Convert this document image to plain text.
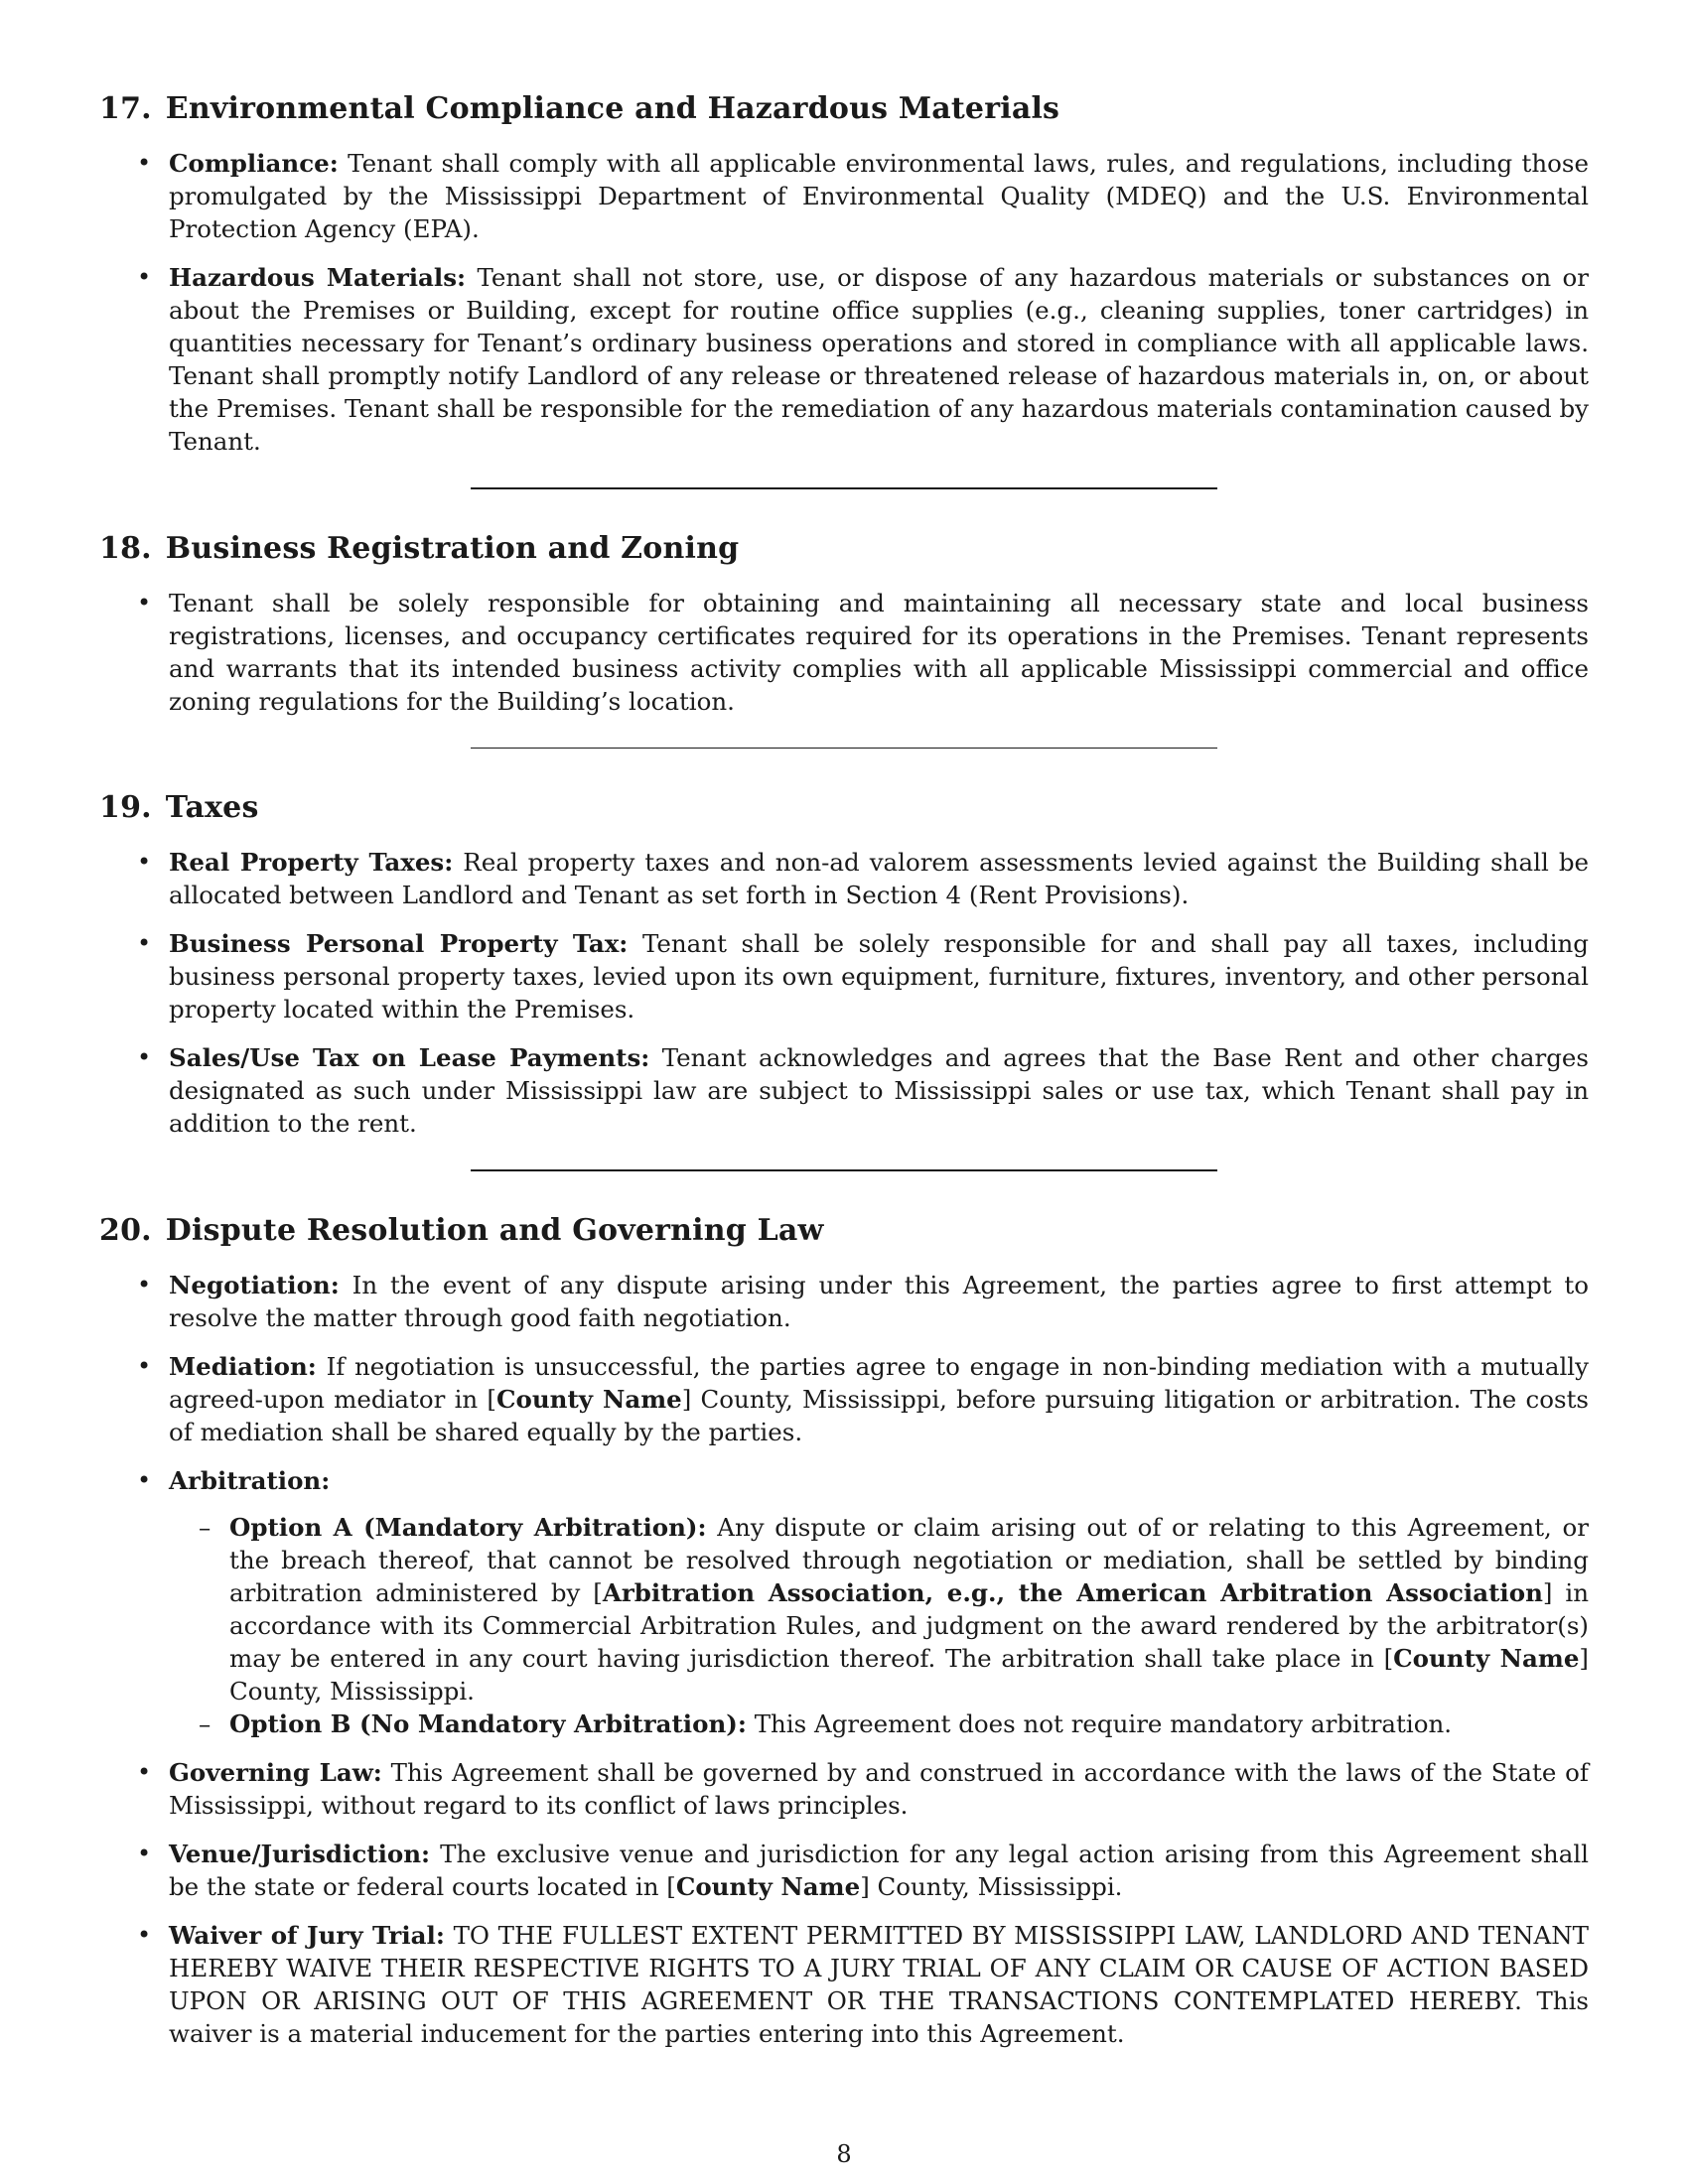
17. Environmental Compliance and Hazardous Materials
• Compliance: Tenant shall comply with all applicable environmental laws, rules, and regulations, including those promulgated by the Mississippi Department of Environmental Quality (MDEQ) and the U.S. Environmental Protection Agency (EPA).
• Hazardous Materials: Tenant shall not store, use, or dispose of any hazardous materials or substances on or about the Premises or Building, except for routine office supplies (e.g., cleaning supplies, toner cartridges) in quantities necessary for Tenant’s ordinary business operations and stored in compliance with all applicable laws. Tenant shall promptly notify Landlord of any release or threatened release of hazardous materials in, on, or about the Premises. Tenant shall be responsible for the remediation of any hazardous materials contamination caused by Tenant.
18. Business Registration and Zoning
• Tenant shall be solely responsible for obtaining and maintaining all necessary state and local business registrations, licenses, and occupancy certificates required for its operations in the Premises. Tenant represents and warrants that its intended business activity complies with all applicable Mississippi commercial and office zoning regulations for the Building’s location.
19. Taxes
• Real Property Taxes: Real property taxes and non-ad valorem assessments levied against the Building shall be allocated between Landlord and Tenant as set forth in Section 4 (Rent Provisions).
• Business Personal Property Tax: Tenant shall be solely responsible for and shall pay all taxes, including business personal property taxes, levied upon its own equipment, furniture, fixtures, inventory, and other personal property located within the Premises.
• Sales/Use Tax on Lease Payments: Tenant acknowledges and agrees that the Base Rent and other charges designated as such under Mississippi law are subject to Mississippi sales or use tax, which Tenant shall pay in addition to the rent.
20. Dispute Resolution and Governing Law
• Negotiation: In the event of any dispute arising under this Agreement, the parties agree to first attempt to resolve the matter through good faith negotiation.
• Mediation: If negotiation is unsuccessful, the parties agree to engage in non-binding mediation with a mutually agreed-upon mediator in [County Name] County, Mississippi, before pursuing litigation or arbitration. The costs of mediation shall be shared equally by the parties.
• Arbitration:
– Option A (Mandatory Arbitration): Any dispute or claim arising out of or relating to this Agreement, or the breach thereof, that cannot be resolved through negotiation or mediation, shall be settled by binding arbitration administered by [Arbitration Association, e.g., the American Arbitration Association] in accordance with its Commercial Arbitration Rules, and judgment on the award rendered by the arbitrator(s) may be entered in any court having jurisdiction thereof. The arbitration shall take place in [County Name] County, Mississippi.
– Option B (No Mandatory Arbitration): This Agreement does not require mandatory arbitration.
• Governing Law: This Agreement shall be governed by and construed in accordance with the laws of the State of Mississippi, without regard to its conflict of laws principles.
• Venue/Jurisdiction: The exclusive venue and jurisdiction for any legal action arising from this Agreement shall be the state or federal courts located in [County Name] County, Mississippi.
• Waiver of Jury Trial: TO THE FULLEST EXTENT PERMITTED BY MISSISSIPPI LAW, LANDLORD AND TENANT HEREBY WAIVE THEIR RESPECTIVE RIGHTS TO A JURY TRIAL OF ANY CLAIM OR CAUSE OF ACTION BASED UPON OR ARISING OUT OF THIS AGREEMENT OR THE TRANSACTIONS CONTEMPLATED HEREBY. This waiver is a material inducement for the parties entering into this Agreement.
8
